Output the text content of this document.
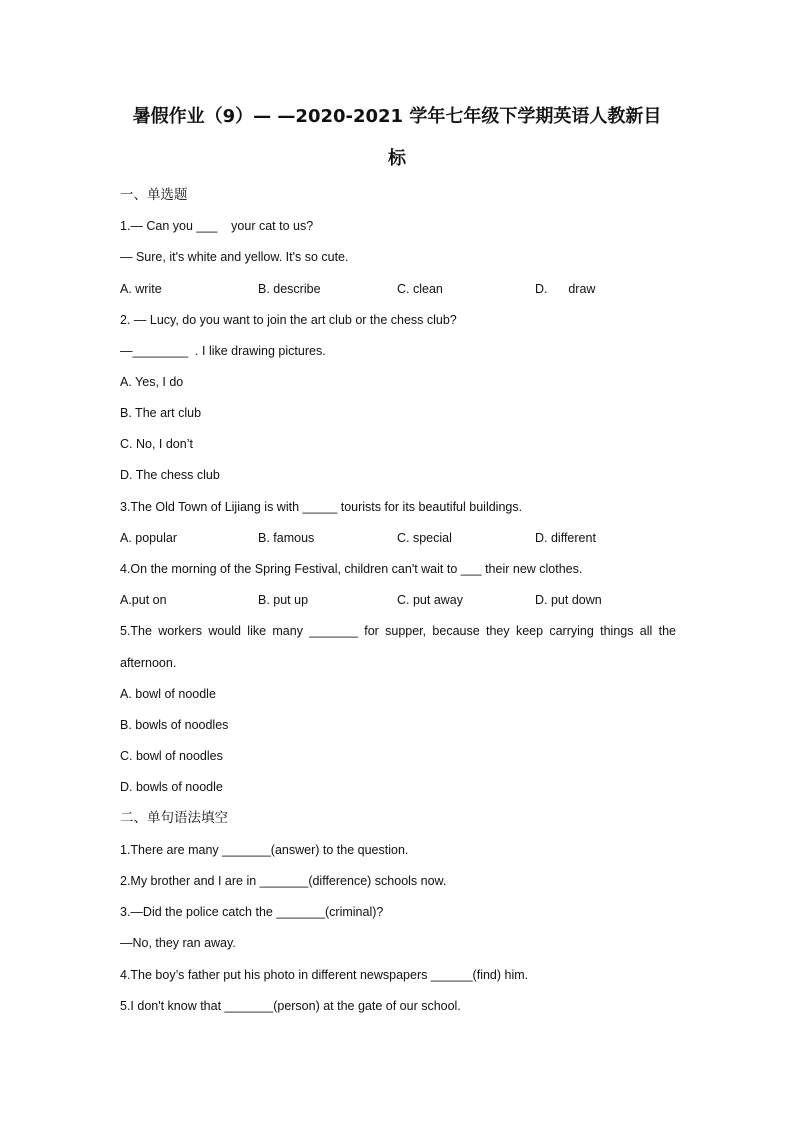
暑假作业（9）— —2020-2021 学年七年级下学期英语人教新目
标
一、单选题
1.— Can you ___    your cat to us?
— Sure, it's white and yellow. It's so cute.
A. write	B. describe	C. clean	D.      draw
2. — Lucy, do you want to join the art club or the chess club?
—________  . I like drawing pictures.
A. Yes, I do
B. The art club
C. No, I don’t
D. The chess club
3.The Old Town of Lijiang is with _____ tourists for its beautiful buildings.
A. popular	B. famous	C. special	D. different
4.On the morning of the Spring Festival, children can't wait to ___ their new clothes.
A.put on	B. put up	C. put away	D. put down
5.The workers would like many _______ for supper, because they keep carrying things all the
afternoon.
A. bowl of noodle
B. bowls of noodles
C. bowl of noodles
D. bowls of noodle
二、单句语法填空
1.There are many _______(answer) to the question.
2.My brother and I are in _______(difference) schools now.
3.—Did the police catch the _______(criminal)?
—No, they ran away.
4.The boy’s father put his photo in different newspapers ______(find) him.
5.I don't know that _______(person) at the gate of our school.
